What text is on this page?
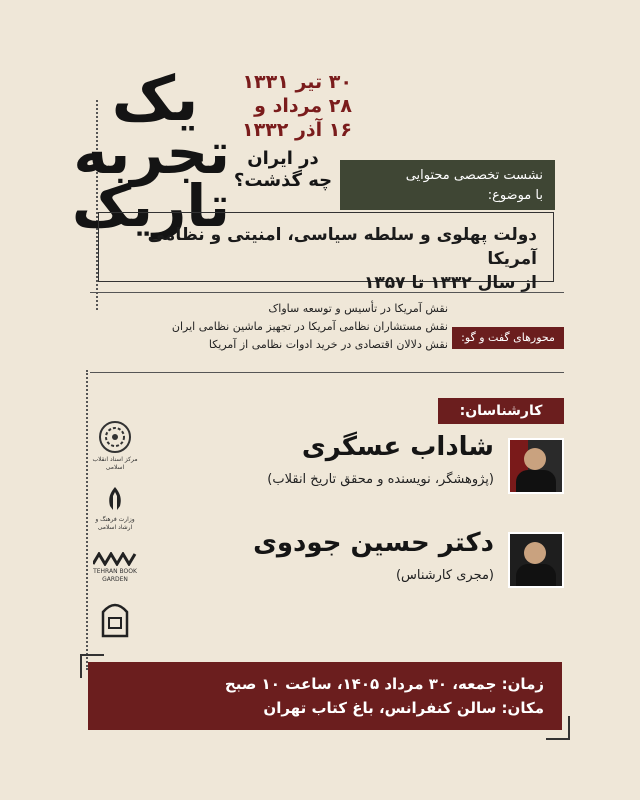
یک
تجربه
تاریک
۳۰ تیر ۱۳۳۱
۲۸ مرداد و
۱۶ آذر ۱۳۳۲
در ایران
چه گذشت؟	نشست تخصصی محتوایی
با موضوع:
دولت پهلوی و سلطه سیاسی، امنیتی و نظامی آمریکا
از سال ۱۳۳۲ تا ۱۳۵۷
نقش آمریکا در تأسیس و توسعه ساواک
نقش مستشاران نظامی آمریکا در تجهیز ماشین نظامی ایران
نقش دلالان اقتصادی در خرید ادوات نظامی از آمریکا
محورهای گفت و گو:
کارشناسان:
شاداب عسگری
(پژوهشگر، نویسنده و محقق تاریخ انقلاب)
دکتر حسین جودوی
(مجری کارشناس)
مرکز اسناد انقلاب اسلامی
وزارت فرهنگ و ارشاد اسلامی
TEHRAN BOOK GARDEN
زمان: جمعه، ۳۰ مرداد ۱۴۰۵، ساعت ۱۰ صبح
مکان: سالن کنفرانس، باغ کتاب تهران
